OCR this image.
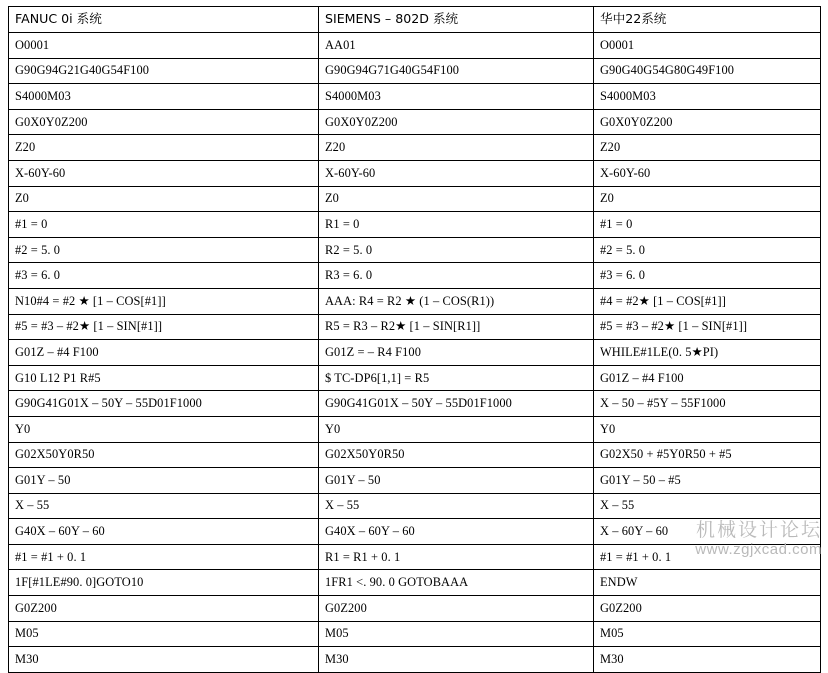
FANUC 0i 系统	SIEMENS – 802D 系统	华中22系统
O0001	AA01	O0001
G90G94G21G40G54F100	G90G94G71G40G54F100	G90G40G54G80G49F100
S4000M03	S4000M03	S4000M03
G0X0Y0Z200	G0X0Y0Z200	G0X0Y0Z200
Z20	Z20	Z20
X-60Y-60	X-60Y-60	X-60Y-60
Z0	Z0	Z0
#1 = 0	R1 = 0	#1 = 0
#2 = 5. 0	R2 = 5. 0	#2 = 5. 0
#3 = 6. 0	R3 = 6. 0	#3 = 6. 0
N10#4 = #2 ★ [1 – COS[#1]]	AAA: R4 = R2 ★ (1 – COS(R1))	#4 = #2★ [1 – COS[#1]]
#5 = #3 – #2★ [1 – SIN[#1]]	R5 = R3 – R2★ [1 – SIN[R1]]	#5 = #3 – #2★ [1 – SIN[#1]]
G01Z – #4 F100	G01Z = – R4 F100	WHILE#1LE(0. 5★PI)
G10 L12 P1 R#5	$ TC-DP6[1,1] = R5	G01Z – #4 F100
G90G41G01X – 50Y – 55D01F1000	G90G41G01X – 50Y – 55D01F1000	X – 50 – #5Y – 55F1000
Y0	Y0	Y0
G02X50Y0R50	G02X50Y0R50	G02X50 + #5Y0R50 + #5
G01Y – 50	G01Y – 50	G01Y – 50 – #5
X – 55	X – 55	X – 55
G40X – 60Y – 60	G40X – 60Y – 60	X – 60Y – 60
#1 = #1 + 0. 1	R1 = R1 + 0. 1	#1 = #1 + 0. 1
1F[#1LE#90. 0]GOTO10	1FR1 <. 90. 0 GOTOBAAA	ENDW
G0Z200	G0Z200	G0Z200
M05	M05	M05
M30	M30	M30
机械设计论坛
www.zgjxcad.com
